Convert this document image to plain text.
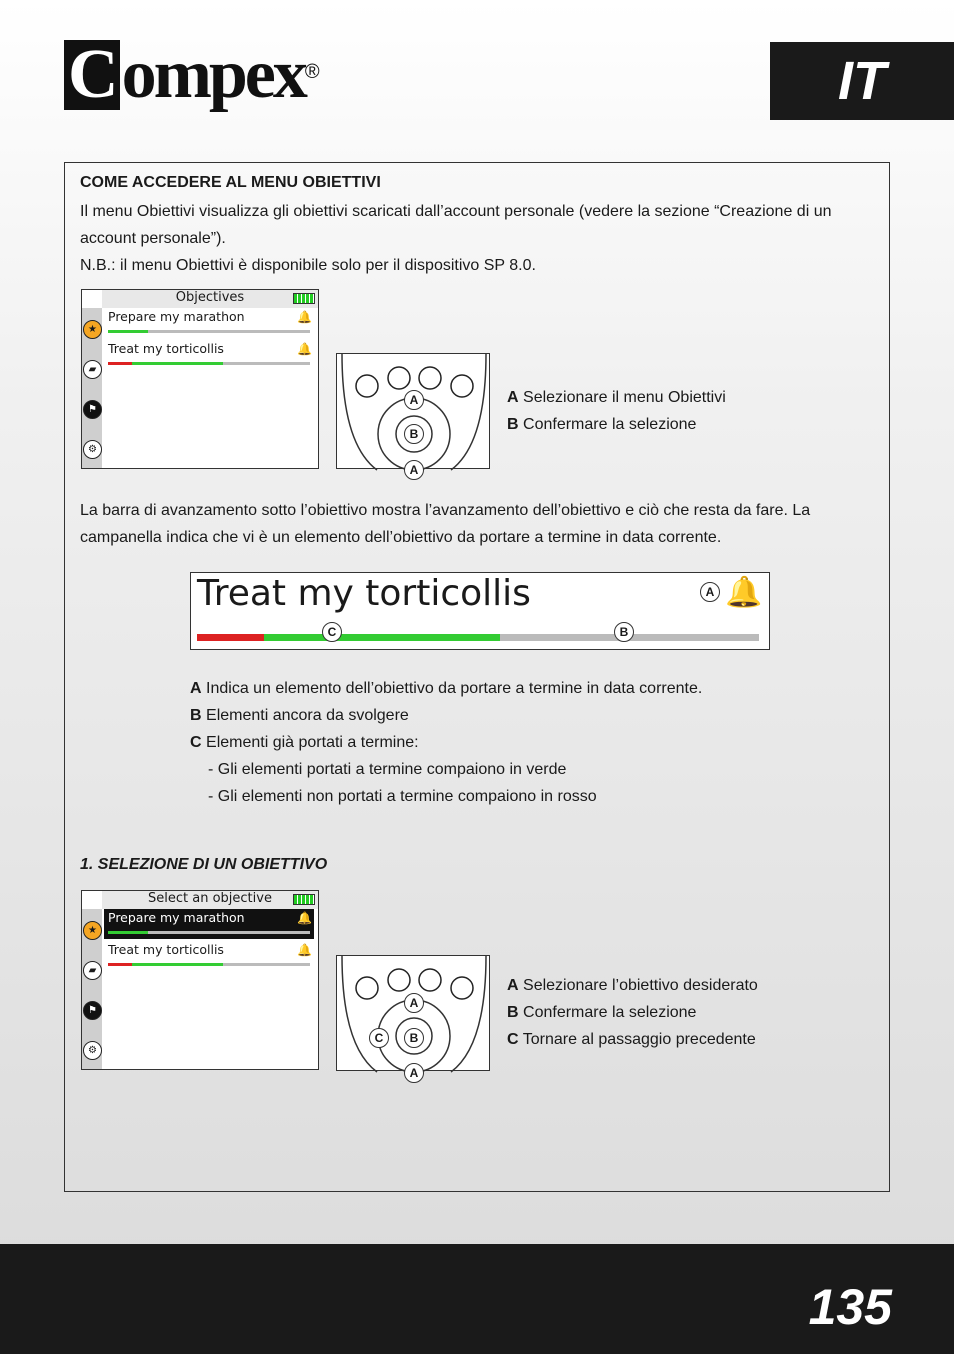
Compex®	IT
COME ACCEDERE AL MENU OBIETTIVI
Il menu Obiettivi visualizza gli obiettivi scaricati dall’account personale (vedere la sezione “Creazione di un account personale”).
N.B.: il menu Obiettivi è disponibile solo per il dispositivo SP 8.0.
★
▰
⚑
⚙
Objectives
Prepare my marathon	🔔
Treat my torticollis	🔔
A
B
A
A Selezionare il menu Obiettivi
B Confermare la selezione
La barra di avanzamento sotto l’obiettivo mostra l’avanzamento dell’obiettivo e ciò che resta da fare. La campanella indica che vi è un elemento dell’obiettivo da portare a termine in data corrente.
Treat my torticollis	A 🔔
C	B
A Indica un elemento dell’obiettivo da portare a termine in data corrente.
B Elementi ancora da svolgere
C Elementi già portati a termine:
- Gli elementi portati a termine compaiono in verde
- Gli elementi non portati a termine compaiono in rosso
1. SELEZIONE DI UN OBIETTIVO
★
▰
⚑
⚙
Select an objective
Prepare my marathon	🔔
Treat my torticollis	🔔
A
C	B
A
A Selezionare l’obiettivo desiderato
B Confermare la selezione
C Tornare al passaggio precedente
135
